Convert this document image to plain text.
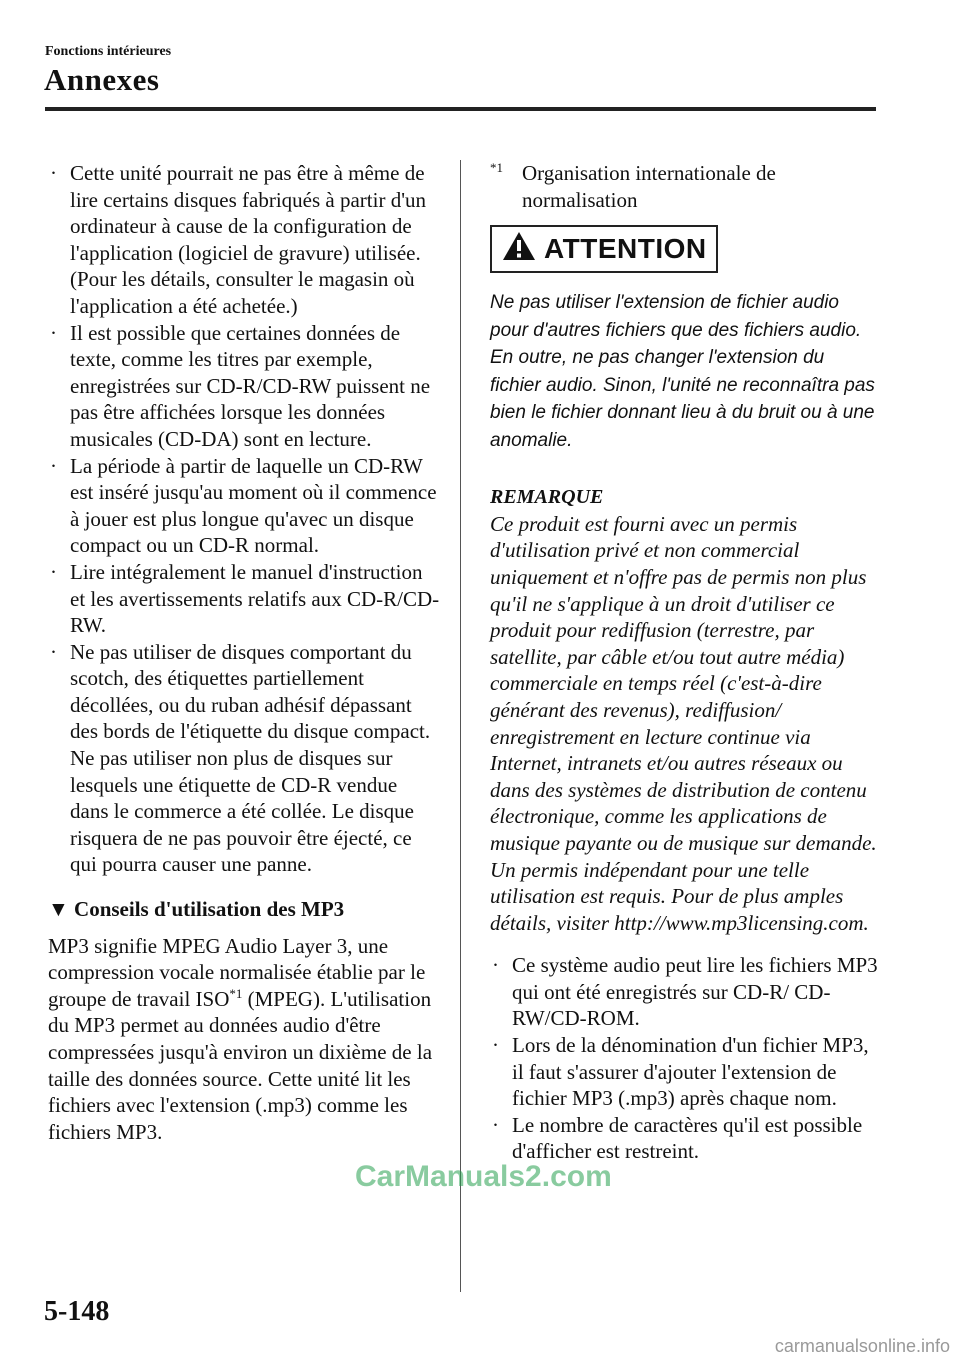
Fonctions intérieures
Annexes
· Cette unité pourrait ne pas être à même de lire certains disques fabriqués à partir d'un ordinateur à cause de la configuration de l'application (logiciel de gravure) utilisée. (Pour les détails, consulter le magasin où l'application a été achetée.)
· Il est possible que certaines données de texte, comme les titres par exemple, enregistrées sur CD-R/CD-RW puissent ne pas être affichées lorsque les données musicales (CD-DA) sont en lecture.
· La période à partir de laquelle un CD-RW est inséré jusqu'au moment où il commence à jouer est plus longue qu'avec un disque compact ou un CD-R normal.
· Lire intégralement le manuel d'instruction et les avertissements relatifs aux CD-R/CD-RW.
· Ne pas utiliser de disques comportant du scotch, des étiquettes partiellement décollées, ou du ruban adhésif dépassant des bords de l'étiquette du disque compact. Ne pas utiliser non plus de disques sur lesquels une étiquette de CD-R vendue dans le commerce a été collée. Le disque risquera de ne pas pouvoir être éjecté, ce qui pourra causer une panne.
▼ Conseils d'utilisation des MP3
MP3 signifie MPEG Audio Layer 3, une compression vocale normalisée établie par le groupe de travail ISO$^{*1}$ (MPEG). L'utilisation du MP3 permet au données audio d'être compressées jusqu'à environ un dixième de la taille des données source. Cette unité lit les fichiers avec l'extension (.mp3) comme les fichiers MP3.
$^{*1}$ Organisation internationale de normalisation
ATTENTION
Ne pas utiliser l'extension de fichier audio pour d'autres fichiers que des fichiers audio. En outre, ne pas changer l'extension du fichier audio. Sinon, l'unité ne reconnaîtra pas bien le fichier donnant lieu à du bruit ou à une anomalie.
REMARQUE
Ce produit est fourni avec un permis d'utilisation privé et non commercial uniquement et n'offre pas de permis non plus qu'il ne s'applique à un droit d'utiliser ce produit pour rediffusion (terrestre, par satellite, par câble et/ou tout autre média) commerciale en temps réel (c'est-à-dire générant des revenus), rediffusion/ enregistrement en lecture continue via Internet, intranets et/ou autres réseaux ou dans des systèmes de distribution de contenu électronique, comme les applications de musique payante ou de musique sur demande. Un permis indépendant pour une telle utilisation est requis. Pour de plus amples détails, visiter http://www.mp3licensing.com.
· Ce système audio peut lire les fichiers MP3 qui ont été enregistrés sur CD-R/ CD-RW/CD-ROM.
· Lors de la dénomination d'un fichier MP3, il faut s'assurer d'ajouter l'extension de fichier MP3 (.mp3) après chaque nom.
· Le nombre de caractères qu'il est possible d'afficher est restreint.
5-148
CarManuals2.com
carmanualsonline.info
